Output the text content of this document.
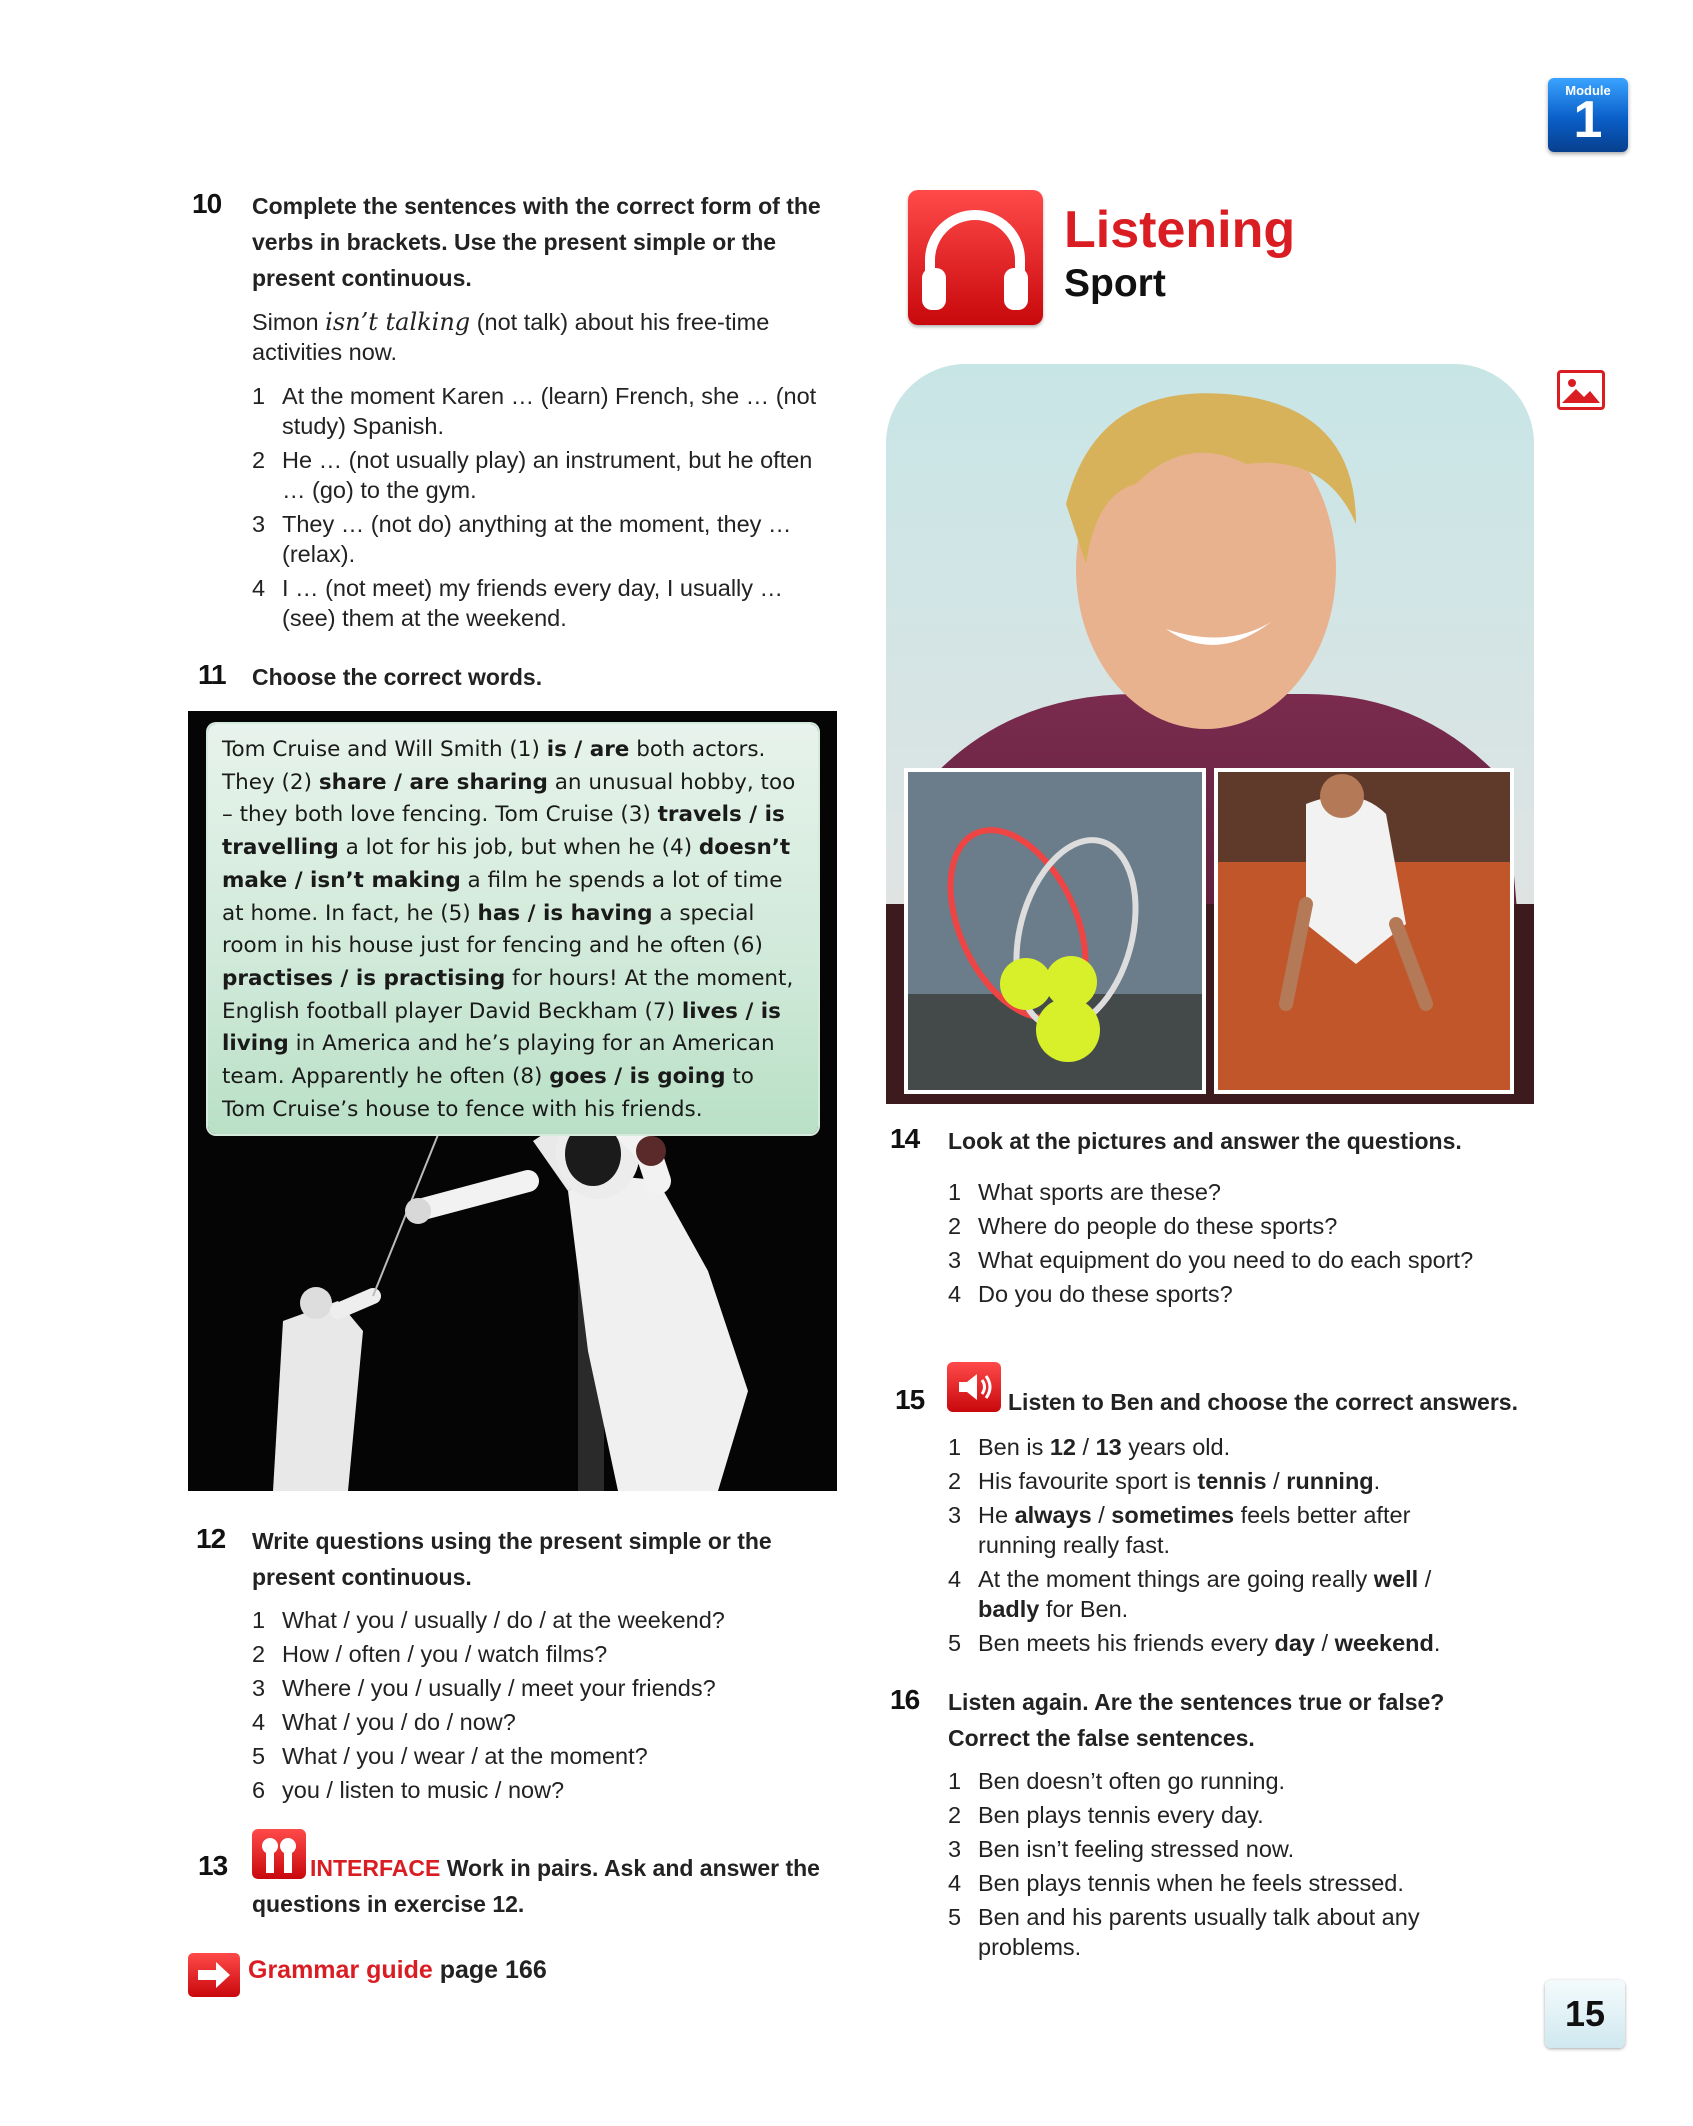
Module
1
10 Complete the sentences with the correct form of the verbs in brackets. Use the present simple or the present continuous.
Simon isn’t talking (not talk) about his free-time activities now.
1 At the moment Karen … (learn) French, she … (not study) Spanish.
2 He … (not usually play) an instrument, but he often … (go) to the gym.
3 They … (not do) anything at the moment, they … (relax).
4 I … (not meet) my friends every day, I usually … (see) them at the weekend.
11 Choose the correct words.
Tom Cruise and Will Smith (1) is / are both actors. They (2) share / are sharing an unusual hobby, too – they both love fencing. Tom Cruise (3) travels / is travelling a lot for his job, but when he (4) doesn’t make / isn’t making a film he spends a lot of time at home. In fact, he (5) has / is having a special room in his house just for fencing and he often (6) practises / is practising for hours! At the moment, English football player David Beckham (7) lives / is living in America and he’s playing for an American team. Apparently he often (8) goes / is going to Tom Cruise’s house to fence with his friends.
12 Write questions using the present simple or the present continuous.
1 What / you / usually / do / at the weekend?
2 How / often / you / watch films?
3 Where / you / usually / meet your friends?
4 What / you / do / now?
5 What / you / wear / at the moment?
6 you / listen to music / now?
13	INTERFACE Work in pairs. Ask and answer the questions in exercise 12.
Grammar guide page 166
Listening
Sport
14 Look at the pictures and answer the questions.
1 What sports are these?
2 Where do people do these sports?
3 What equipment do you need to do each sport?
4 Do you do these sports?
15	Listen to Ben and choose the correct answers.
1 Ben is 12 / 13 years old.
2 His favourite sport is tennis / running.
3 He always / sometimes feels better after running really fast.
4 At the moment things are going really well / badly for Ben.
5 Ben meets his friends every day / weekend.
16 Listen again. Are the sentences true or false? Correct the false sentences.
1 Ben doesn’t often go running.
2 Ben plays tennis every day.
3 Ben isn’t feeling stressed now.
4 Ben plays tennis when he feels stressed.
5 Ben and his parents usually talk about any problems.
15
